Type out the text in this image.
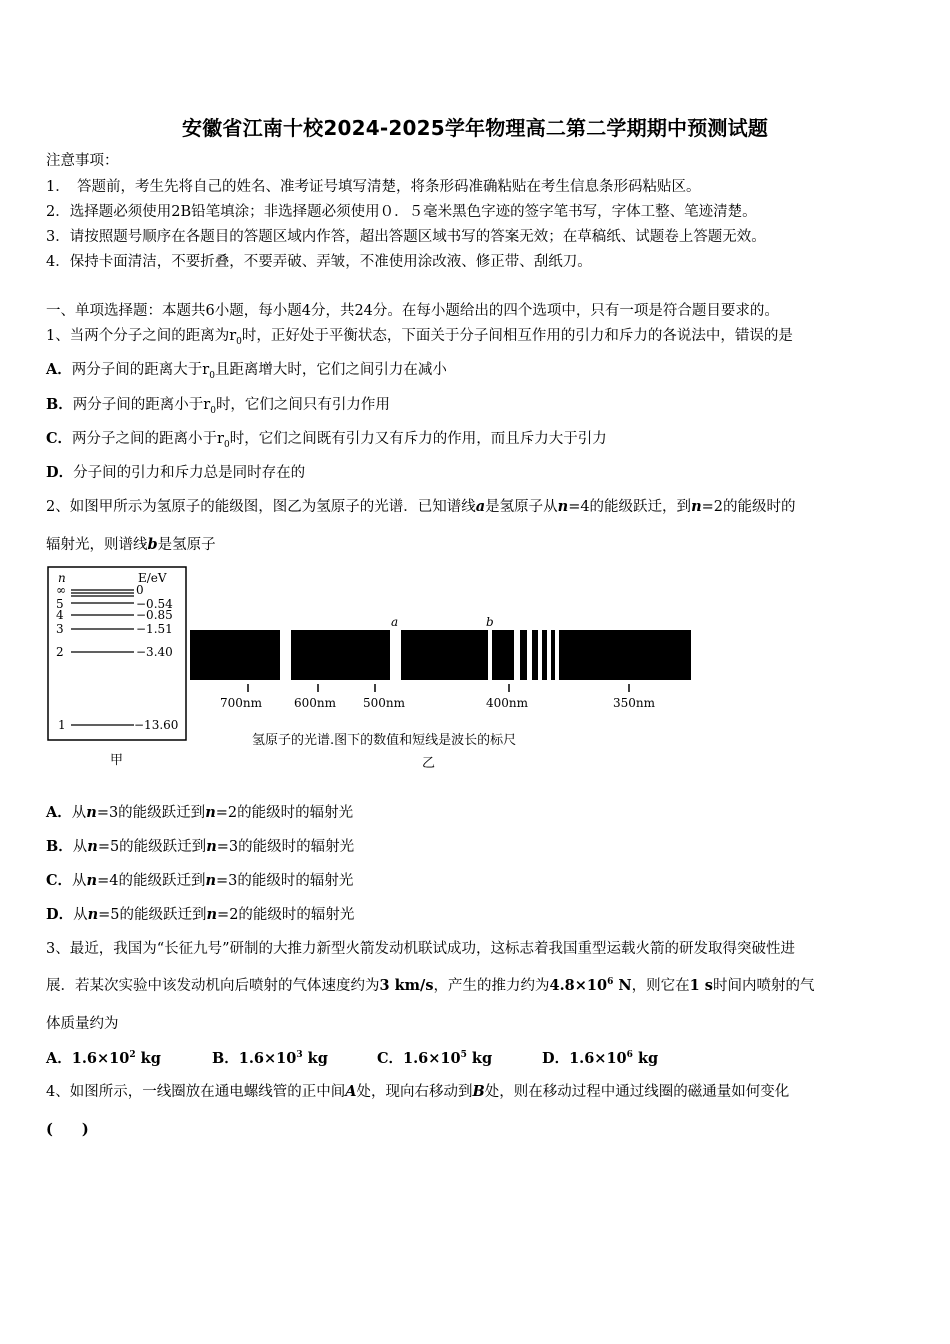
安徽省江南十校2024-2025学年物理高二第二学期期中预测试题
注意事项：
1．　答题前，考生先将自己的姓名、准考证号填写清楚，将条形码准确粘贴在考生信息条形码粘贴区。
2．选择题必须使用2B铅笔填涂；非选择题必须使用０．５毫米黑色字迹的签字笔书写，字体工整、笔迹清楚。
3．请按照题号顺序在各题目的答题区域内作答，超出答题区域书写的答案无效；在草稿纸、试题卷上答题无效。
4．保持卡面清洁，不要折叠，不要弄破、弄皱，不准使用涂改液、修正带、刮纸刀。
一、单项选择题：本题共6小题，每小题4分，共24分。在每小题给出的四个选项中，只有一项是符合题目要求的。
1、当两个分子之间的距离为$r_0$时，正好处于平衡状态，下面关于分子间相互作用的引力和斥力的各说法中，错误的是
A．两分子间的距离大于$r_0$且距离增大时，它们之间引力在减小
B．两分子间的距离小于$r_0$时，它们之间只有引力作用
C．两分子之间的距离小于$r_0$时，它们之间既有引力又有斥力的作用，而且斥力大于引力
D．分子间的引力和斥力总是同时存在的
2、如图甲所示为氢原子的能级图，图乙为氢原子的光谱．已知谱线a是氢原子从n=4的能级跃迁，到n=2的能级时的
辐射光，则谱线b是氢原子
n	E/eV
∞	0
5	−0.54
4	−0.85
3	−1.51
2	−3.40
1	−13.60
甲
a	b
700nm	600nm 500nm	400nm	350nm
氢原子的光谱.图下的数值和短线是波长的标尺
乙
A．从n=3的能级跃迁到n=2的能级时的辐射光
B．从n=5的能级跃迁到n=3的能级时的辐射光
C．从n=4的能级跃迁到n=3的能级时的辐射光
D．从n=5的能级跃迁到n=2的能级时的辐射光
3、最近，我国为“长征九号”研制的大推力新型火箭发动机联试成功，这标志着我国重型运载火箭的研发取得突破性进
展．若某次实验中该发动机向后喷射的气体速度约为3 km/s，产生的推力约为$4.8\times 10^6$ N，则它在1 s时间内喷射的气
体质量约为
A．$1.6\times 10^2$ kg	B．$1.6\times 10^3$ kg	C．$1.6\times 10^5$ kg	D．$1.6\times 10^6$ kg
4、如图所示，一线圈放在通电螺线管的正中间A处，现向右移动到B处，则在移动过程中通过线圈的磁通量如何变化
(　　)
